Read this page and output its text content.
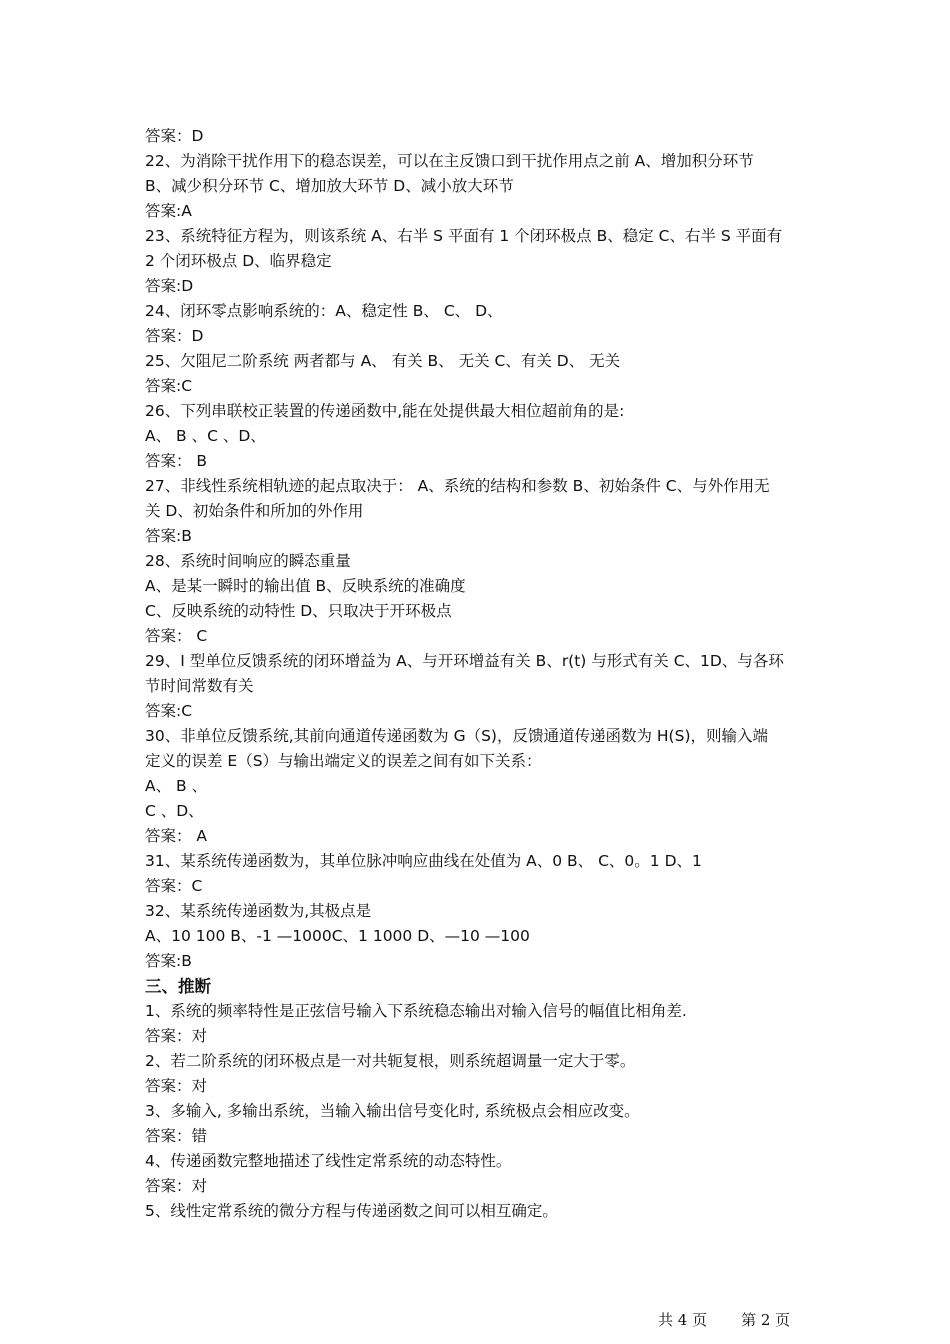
答案：D

22、为消除干扰作用下的稳态误差，可以在主反馈口到干扰作用点之前 A、增加积分环节

B、减少积分环节 C、增加放大环节 D、减小放大环节

答案:A

23、系统特征方程为，则该系统 A、右半 S 平面有 1 个闭环极点 B、稳定 C、右半 S 平面有

2 个闭环极点 D、临界稳定

答案:D

24、闭环零点影响系统的：A、稳定性 B、 C、 D、

答案：D

25、欠阻尼二阶系统 两者都与 A、 有关 B、 无关 C、有关 D、 无关

答案:C

26、下列串联校正装置的传递函数中,能在处提供最大相位超前角的是:

A、 B 、C 、D、

答案： B

27、非线性系统相轨迹的起点取决于： A、系统的结构和参数 B、初始条件 C、与外作用无

关 D、初始条件和所加的外作用

答案:B

28、系统时间响应的瞬态重量

A、是某一瞬时的输出值 B、反映系统的准确度

C、反映系统的动特性 D、只取决于开环极点

答案： C

29、I 型单位反馈系统的闭环增益为 A、与开环增益有关 B、r(t) 与形式有关 C、1D、与各环

节时间常数有关

答案:C

30、非单位反馈系统,其前向通道传递函数为 G（S)，反馈通道传递函数为 H(S)，则输入端

定义的误差 E（S）与输出端定义的误差之间有如下关系：

A、 B 、

C 、D、

答案： A

31、某系统传递函数为，其单位脉冲响应曲线在处值为 A、0 B、 C、0。1 D、1

答案：C

32、某系统传递函数为,其极点是

A、10 100 B、-1 —1000C、1 1000 D、—10 —100

答案:B

三、推断

1、系统的频率特性是正弦信号输入下系统稳态输出对输入信号的幅值比相角差.

答案：对

2、若二阶系统的闭环极点是一对共轭复根，则系统超调量一定大于零。

答案：对

3、多输入, 多输出系统，当输入输出信号变化时, 系统极点会相应改变。

答案：错

4、传递函数完整地描述了线性定常系统的动态特性。

答案：对

5、线性定常系统的微分方程与传递函数之间可以相互确定。

共 4 页 第 2 页
